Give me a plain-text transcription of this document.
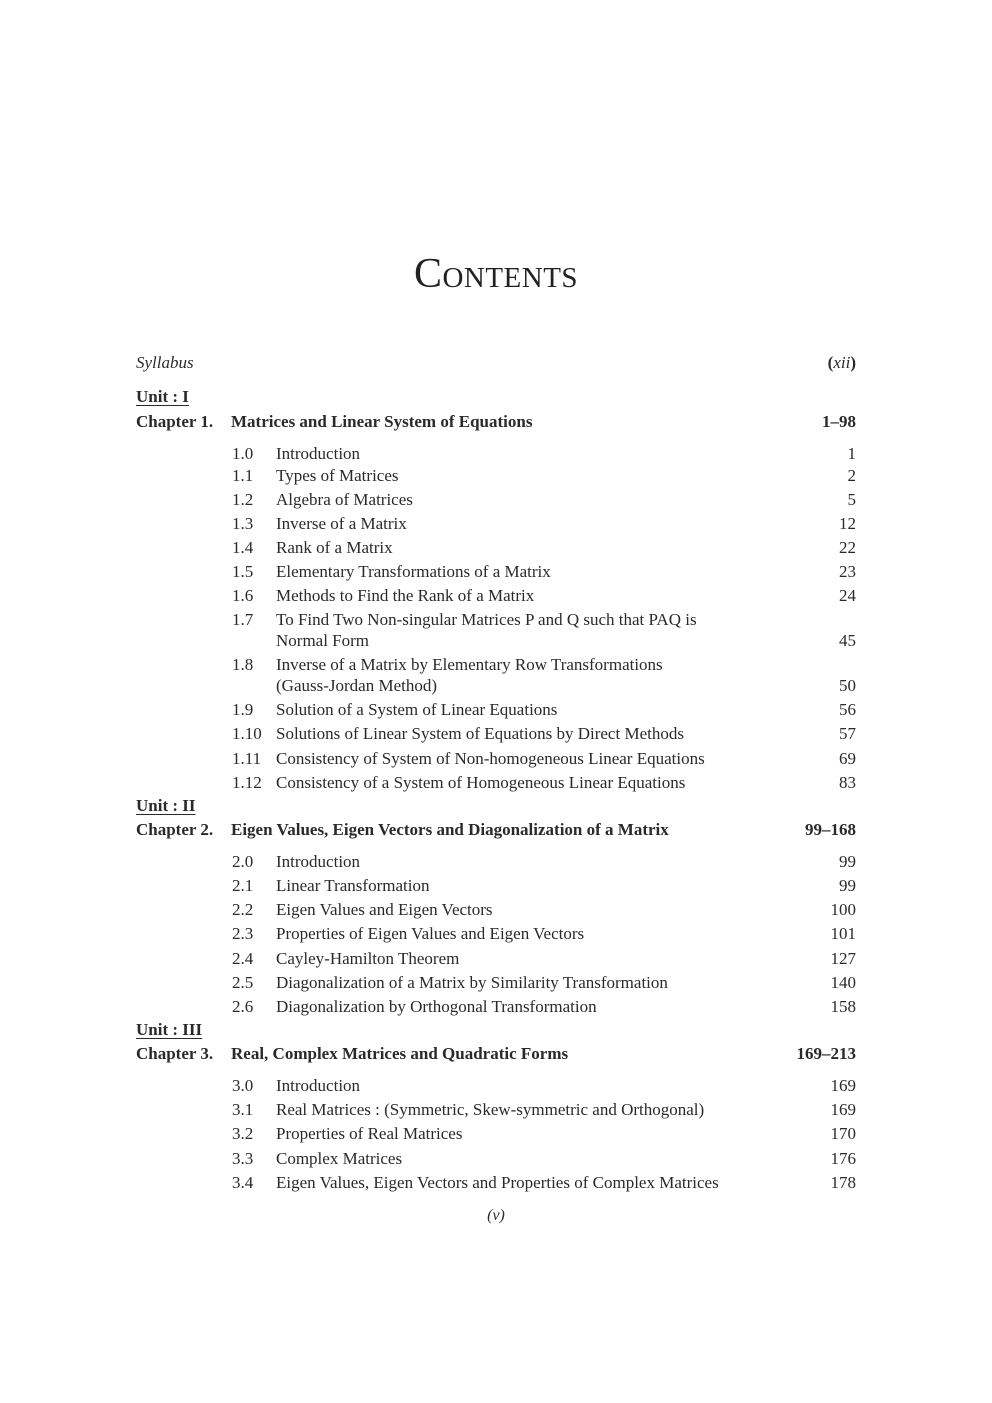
Contents
Syllabus	(xii)
Unit : I
Chapter 1. Matrices and Linear System of Equations	1–98
1.0 Introduction	1
1.1 Types of Matrices	2
1.2 Algebra of Matrices	5
1.3 Inverse of a Matrix	12
1.4 Rank of a Matrix	22
1.5 Elementary Transformations of a Matrix	23
1.6 Methods to Find the Rank of a Matrix	24
1.7 To Find Two Non-singular Matrices P and Q such that PAQ is
Normal Form	45
1.8 Inverse of a Matrix by Elementary Row Transformations
(Gauss-Jordan Method)	50
1.9 Solution of a System of Linear Equations	56
1.10 Solutions of Linear System of Equations by Direct Methods	57
1.11 Consistency of System of Non-homogeneous Linear Equations	69
1.12 Consistency of a System of Homogeneous Linear Equations	83
Unit : II
Chapter 2. Eigen Values, Eigen Vectors and Diagonalization of a Matrix	99–168
2.0 Introduction	99
2.1 Linear Transformation	99
2.2 Eigen Values and Eigen Vectors	100
2.3 Properties of Eigen Values and Eigen Vectors	101
2.4 Cayley-Hamilton Theorem	127
2.5 Diagonalization of a Matrix by Similarity Transformation	140
2.6 Diagonalization by Orthogonal Transformation	158
Unit : III
Chapter 3. Real, Complex Matrices and Quadratic Forms	169–213
3.0 Introduction	169
3.1 Real Matrices : (Symmetric, Skew-symmetric and Orthogonal)	169
3.2 Properties of Real Matrices	170
3.3 Complex Matrices	176
3.4 Eigen Values, Eigen Vectors and Properties of Complex Matrices	178
(v)
